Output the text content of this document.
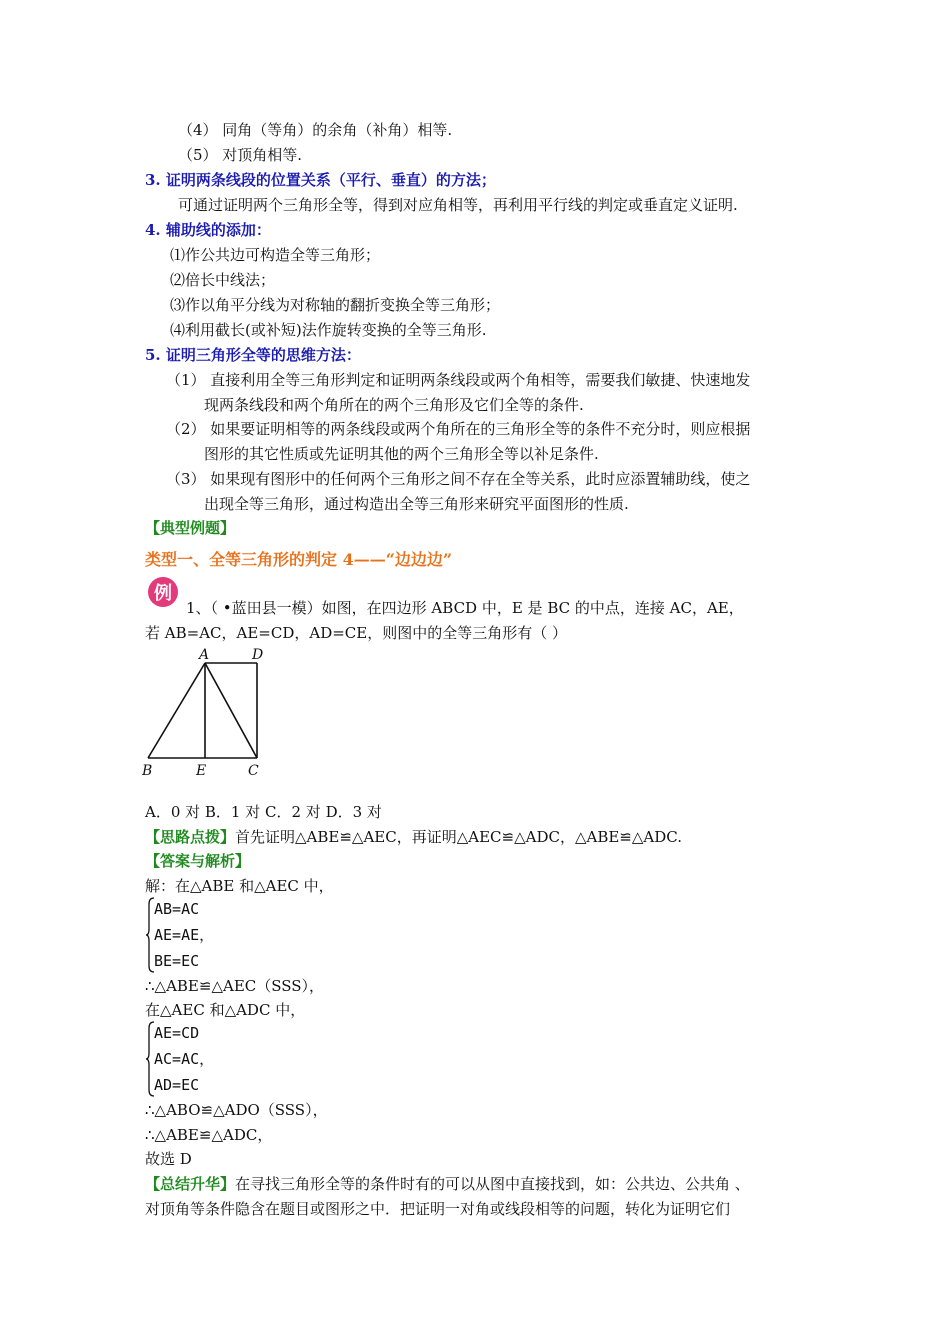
（4） 同角（等角）的余角（补角）相等.
（5） 对顶角相等.
3. 证明两条线段的位置关系（平行、垂直）的方法；
可通过证明两个三角形全等，得到对应角相等，再利用平行线的判定或垂直定义证明.
4. 辅助线的添加：
⑴作公共边可构造全等三角形；
⑵倍长中线法；
⑶作以角平分线为对称轴的翻折变换全等三角形；
⑷利用截长(或补短)法作旋转变换的全等三角形.
5. 证明三角形全等的思维方法：
（1） 直接利用全等三角形判定和证明两条线段或两个角相等，需要我们敏捷、快速地发
现两条线段和两个角所在的两个三角形及它们全等的条件.
（2） 如果要证明相等的两条线段或两个角所在的三角形全等的条件不充分时，则应根据
图形的其它性质或先证明其他的两个三角形全等以补足条件.
（3） 如果现有图形中的任何两个三角形之间不存在全等关系，此时应添置辅助线，使之
出现全等三角形，通过构造出全等三角形来研究平面图形的性质.
【典型例题】
类型一、全等三角形的判定 4——“边边边”
例
1、（ •蓝田县一模）如图，在四边形 ABCD 中，E 是 BC 的中点，连接 AC，AE，
若 AB=AC，AE=CD，AD=CE，则图中的全等三角形有（ ）
A	D
B	E	C
A．0 对 B．1 对 C．2 对 D．3 对
【思路点拨】首先证明△ABE≌△AEC，再证明△AEC≌△ADC，△ABE≌△ADC.
【答案与解析】
解：在△ABE 和△AEC 中，
AB=AC
AE=AE，
BE=EC
∴△ABE≌△AEC（SSS），
在△AEC 和△ADC 中，
AE=CD
AC=AC，
AD=EC
∴△ABO≌△ADO（SSS），
∴△ABE≌△ADC，
故选 D
【总结升华】在寻找三角形全等的条件时有的可以从图中直接找到，如：公共边、公共角 、
对顶角等条件隐含在题目或图形之中．把证明一对角或线段相等的问题，转化为证明它们
